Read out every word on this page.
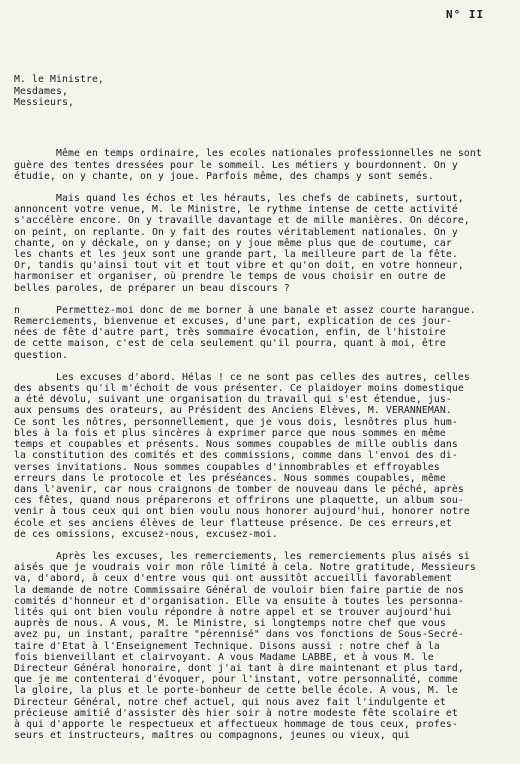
N° II

M. le Ministre,
Mesdames,
Messieurs,

Même en temps ordinaire, les ecoles nationales professionnelles ne sont
guère des tentes dressées pour le sommeil. Les métiers y bourdonnent. On y
étudie, on y chante, on y joue. Parfois même, des champs y sont semés.
Mais quand les échos et les hérauts, les chefs de cabinets, surtout,
annoncent votre venue, M. le Ministre, le rythme intense de cette activité
s'accélère encore. On y travaille davantage et de mille manières. On décore,
on peint, on replante. On y fait des routes véritablement nationales. On y
chante, on y déckale, on y danse; on y joue même plus que de coutume, car
les chants et les jeux sont une grande part, la meilleure part de la fête.
Or, tandis qu'ainsi tout vit et tout vibre et qu'on doit, en votre honneur,
harmoniser et organiser, où prendre le temps de vous choisir en outre de
belles paroles, de préparer un beau discours ?
n      Permettez-moi donc de me borner à une banale et assez courte harangue.
Remerciements, bienvenue et excuses, d'une part, explication de ces jour-
nées de fête d'autre part, très sommaire évocation, enfin, de l'histoire
de cette maison, c'est de cela seulement qu'il pourra, quant à moi, être
question.
Les excuses d'abord. Hélas ! ce ne sont pas celles des autres, celles
des absents qu'il m'échoit de vous présenter. Ce plaidoyer moins domestique
a été dévolu, suivant une organisation du travail qui s'est étendue, jus-
aux pensums des orateurs, au Président des Anciens Elèves, M. VERANNEMAN.
Ce sont les nôtres, personnellement, que je vous dois, lesnôtres plus hum-
bles à la fois et plus sincères à exprimer parce que nous sommes en même
temps et coupables et présents. Nous sommes coupables de mille oublis dans
la constitution des comités et des commissions, comme dans l'envoi des di-
verses invitations. Nous sommes coupables d'innombrables et effroyables
erreurs dans le protocole et les préséances. Nous sommes coupables, même
dans l'avenir, car nous craignons de tomber de nouveau dans le péché, après
ces fêtes, quand nous préparerons et offrirons une plaquette, un album sou-
venir à tous ceux qui ont bien voulu nous honorer aujourd'hui, honorer notre
école et ses anciens élèves de leur flatteuse présence. De ces erreurs,et
de ces omissions, excusez-nous, excusez-moi.
Après les excuses, les remerciements, les remerciements plus aisés si
aisés que je voudrais voir mon rôle limité à cela. Notre gratitude, Messieurs
va, d'abord, à ceux d'entre vous qui ont aussitôt accueilli favorablement
la demande de notre Commissaire Général de vouloir bien faire partie de nos
comités d'honneur et d'organisation. Elle va ensuite à toutes les personna-
lités qui ont bien voulu répondre à notre appel et se trouver aujourd'hui
auprès de nous. A vous, M. le Ministre, si longtemps notre chef que vous
avez pu, un instant, paraître "pérennisé" dans vos fonctions de Sous-Secré-
taire d'Etat à l'Enseignement Technique. Disons aussi : notre chef à la
fois bienveillant et clairvoyant. A vous Madame LABBE, et à vous M. le
Directeur Général honoraire, dont j'ai tant à dire maintenant et plus tard,
que je me contenterai d'évoquer, pour l'instant, votre personnalité, comme
la gloire, la plus et le porte-bonheur de cette belle école. A vous, M. le
Directeur Général, notre chef actuel, qui nous avez fait l'indulgente et
précieuse amitié d'assister dès hier soir à notre modeste fête scolaire et
à qui d'apporte le respectueux et affectueux hommage de tous ceux, profes-
seurs et instructeurs, maîtres ou compagnons, jeunes ou vieux, qui
